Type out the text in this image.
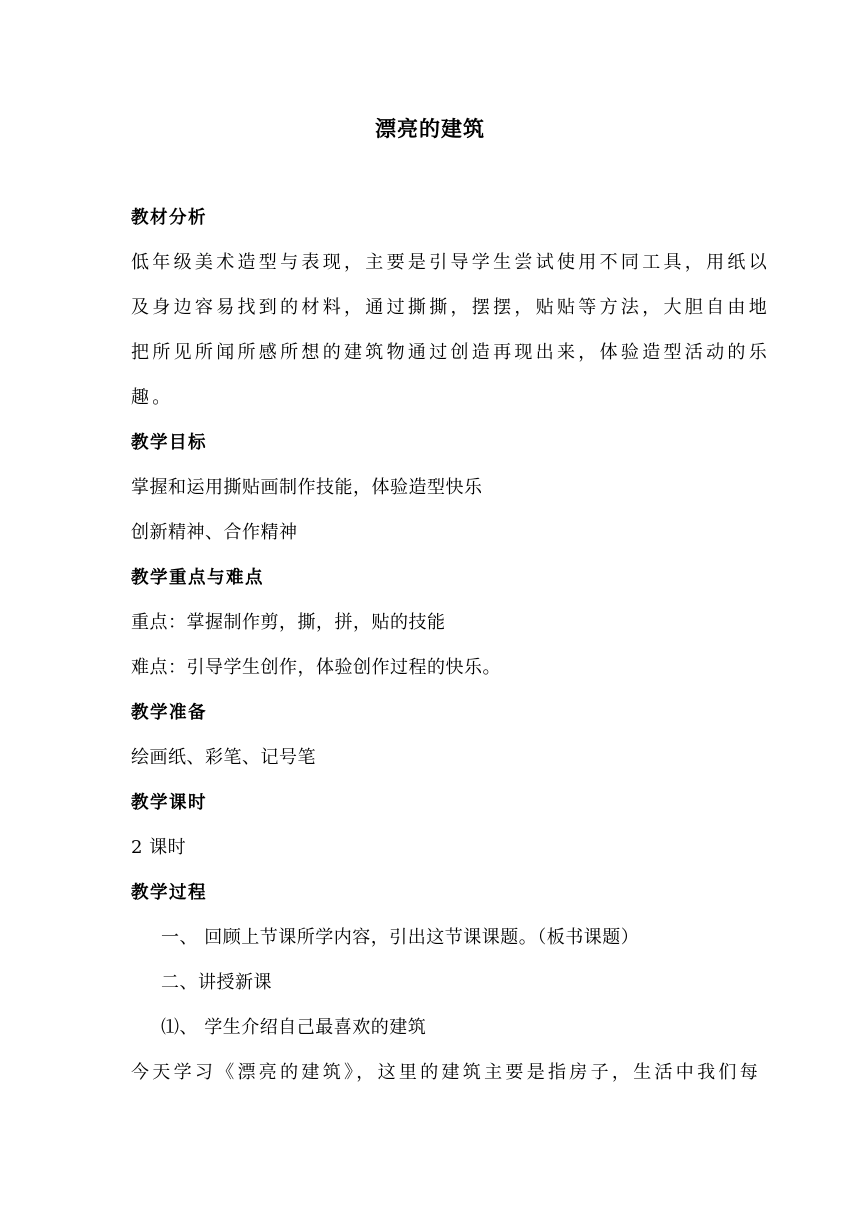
漂亮的建筑
教材分析
低年级美术造型与表现，主要是引导学生尝试使用不同工具，用纸以
及身边容易找到的材料，通过撕撕，摆摆，贴贴等方法，大胆自由地
把所见所闻所感所想的建筑物通过创造再现出来，体验造型活动的乐
趣。
教学目标
掌握和运用撕贴画制作技能，体验造型快乐
创新精神、合作精神
教学重点与难点
重点：掌握制作剪，撕，拼，贴的技能
难点：引导学生创作，体验创作过程的快乐。
教学准备
绘画纸、彩笔、记号笔
教学课时
2 课时
教学过程
一、 回顾上节课所学内容，引出这节课课题。（板书课题）
二、讲授新课
⑴、 学生介绍自己最喜欢的建筑
今天学习《漂亮的建筑》，这里的建筑主要是指房子，生活中我们每
